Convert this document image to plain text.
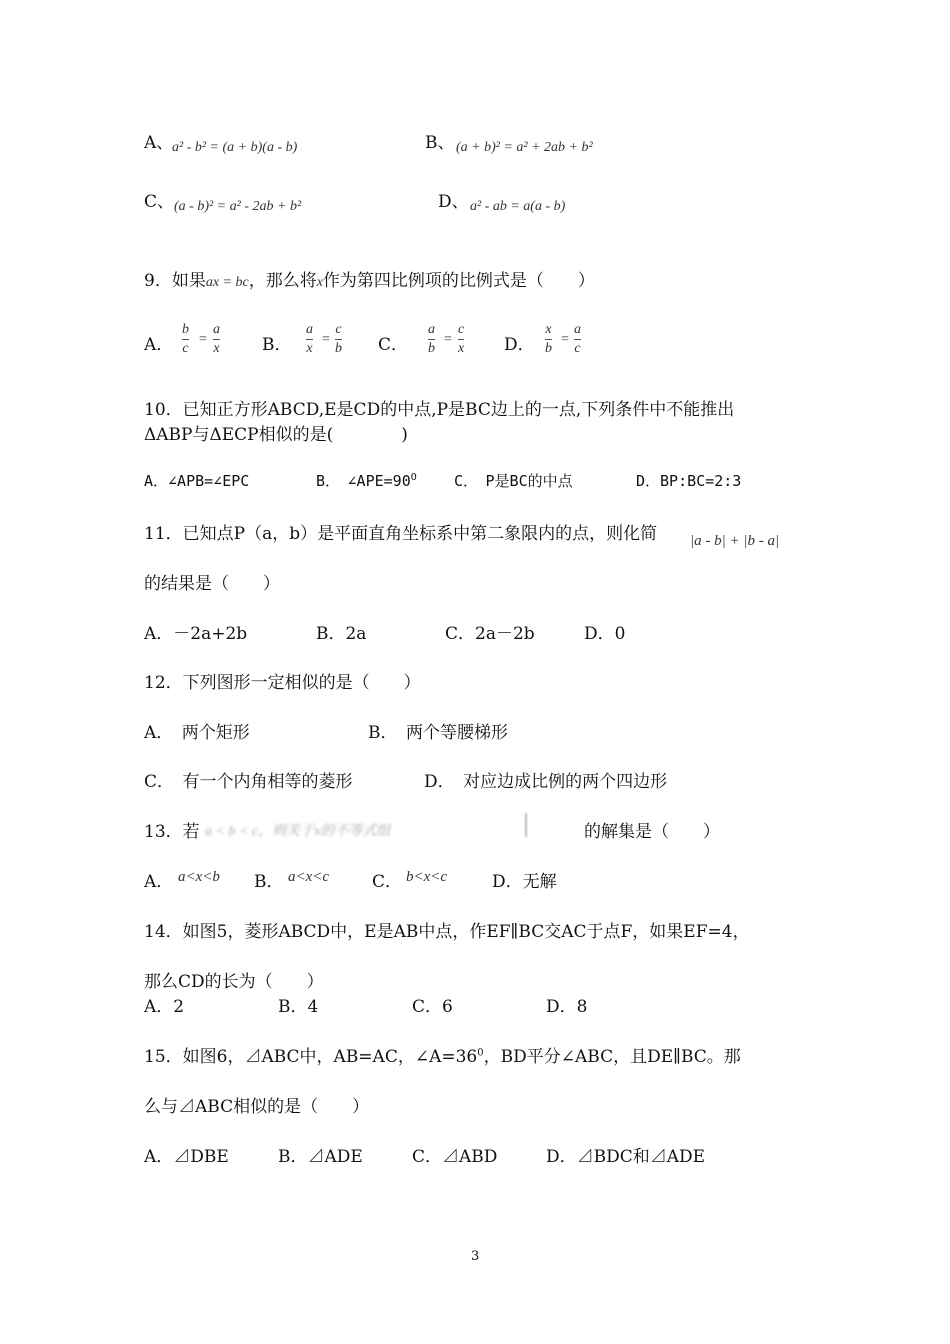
A、
a² - b² = (a + b)(a - b)	B、 (a + b)² = a² + 2ab + b²
C、 (a - b)² = a² - 2ab + b²	D、 a² - ab = a(a - b)
9．如果ax = bc，那么将x作为第四比例项的比例式是（　　）
A．
b
c
=
a
x B．
a
x
=
c
b C．
a
b
=
c
x D．
x
b
=
a
c
10．已知正方形ABCD,E是CD的中点,P是BC边上的一点,下列条件中不能推出
ΔABP与ΔECP相似的是(　　　　)
A．∠APB=∠EPC	B．　$\angle APE=90^O$ C．　P是BC的中点	D．BP:BC=2:3
11．已知点P（a，b）是平面直角坐标系中第二象限内的点，则化简 |a - b| + |b - a|
的结果是（　　）
A．－2a+2b	B．2a	C．2a－2b	D．0
12．下列图形一定相似的是（　　）
A．　两个矩形	B．　两个等腰梯形
C．　有一个内角相等的菱形	D．　对应边成比例的两个四边形
13．若 a < b < c，则关于x的不等式组	的解集是（　　）
A． a<x<b B． a<x<c	C． b<x<c	D．无解
14．如图5，菱形ABCD中，E是AB中点，作EF∥BC交AC于点F，如果EF=4，
那么CD的长为（　　）
A．2	B．4	C．6	D．8
15．如图6，⊿ABC中，AB=AC，$\angle A=36^0$，BD平分∠ABC，且DE∥BC。那
么与⊿ABC相似的是（　　）
A．⊿DBE	B．⊿ADE	C．⊿ABD	D．⊿BDC和⊿ADE
3
